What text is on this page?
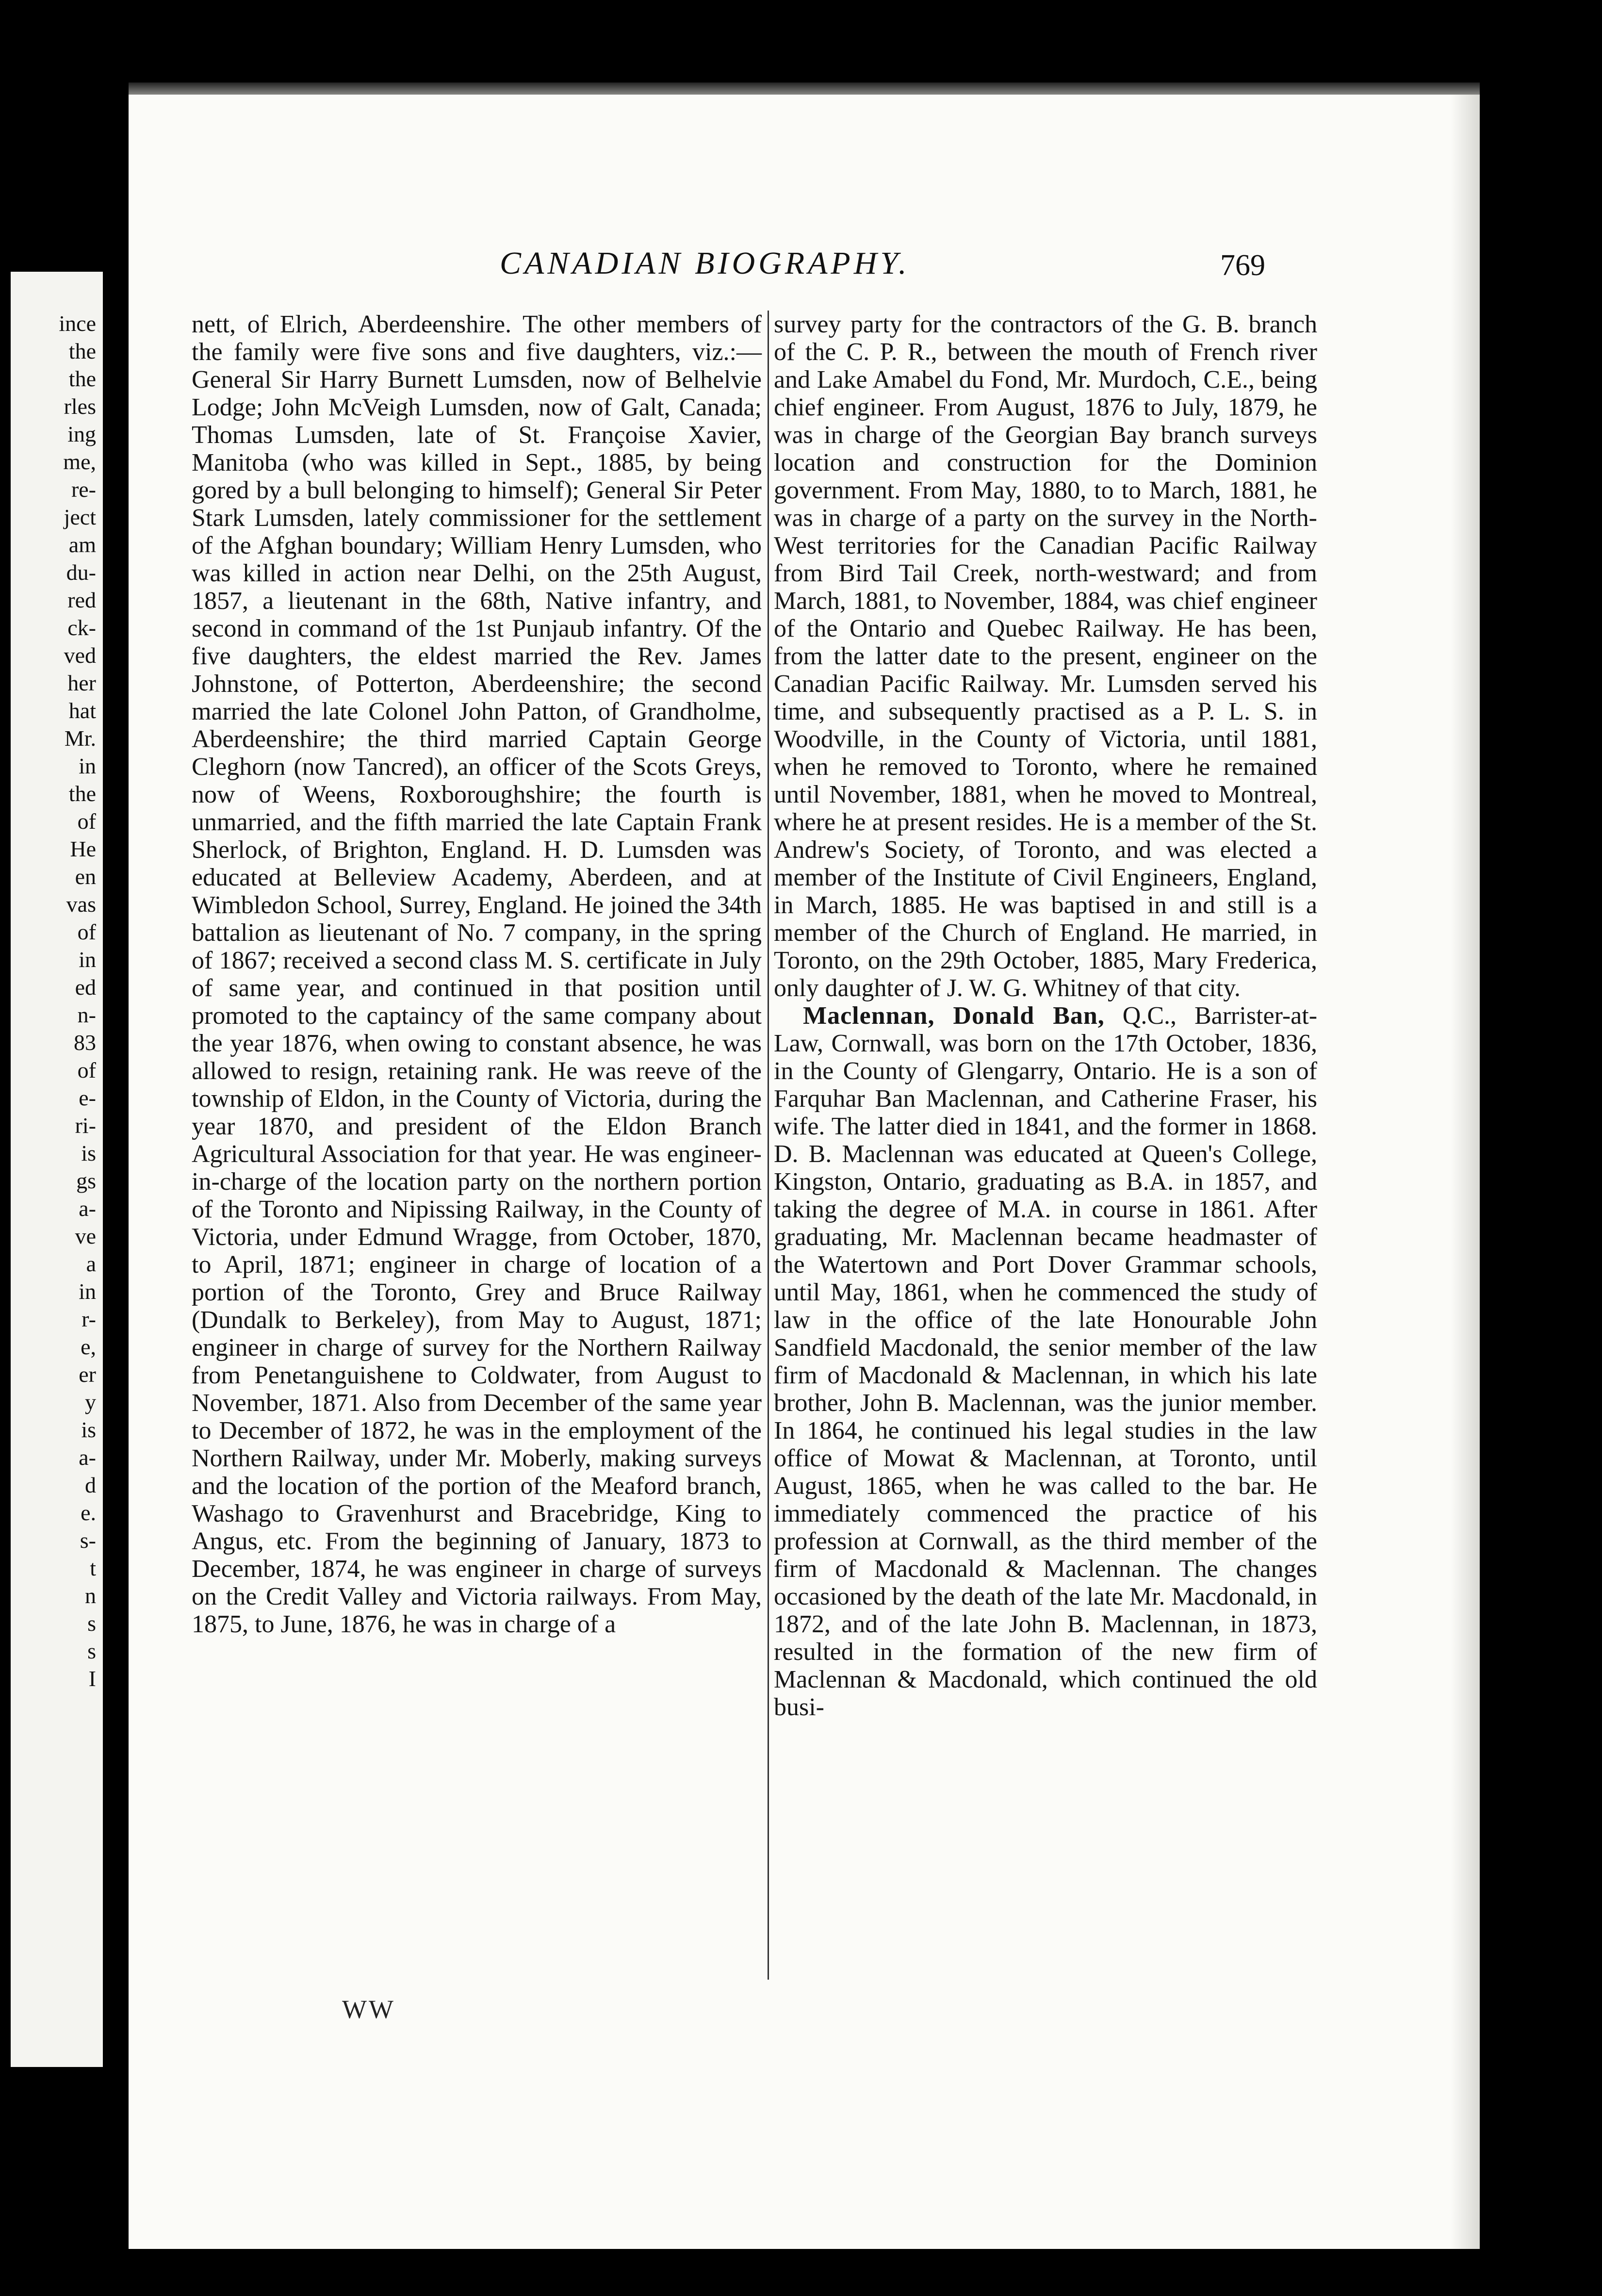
ince
the
the
rles
ing
me,
re-
ject
am
du-
red
ck-
ved
her
hat
Mr.
in
the
of
He
en
vas
of
in
ed
n-
83
of
e-
ri-
is
gs
a-
ve
a
in
r-
e,
er
y
is
a-
d
e.
s-
t
n
s
s
I
CANADIAN BIOGRAPHY.	769

nett, of Elrich, Aberdeenshire. The other members of the family were five sons and five daughters, viz.:—General Sir Harry Burnett Lumsden, now of Belhelvie Lodge; John McVeigh Lumsden, now of Galt, Canada; Thomas Lumsden, late of St. Françoise Xavier, Manitoba (who was killed in Sept., 1885, by being gored by a bull belonging to himself); General Sir Peter Stark Lumsden, lately commissioner for the settlement of the Afghan boundary; William Henry Lumsden, who was killed in action near Delhi, on the 25th August, 1857, a lieutenant in the 68th, Native infantry, and second in command of the 1st Punjaub infantry. Of the five daughters, the eldest married the Rev. James Johnstone, of Potterton, Aberdeenshire; the second married the late Colonel John Patton, of Grandholme, Aberdeenshire; the third married Captain George Cleghorn (now Tancred), an officer of the Scots Greys, now of Weens, Roxboroughshire; the fourth is unmarried, and the fifth married the late Captain Frank Sherlock, of Brighton, England. H. D. Lumsden was educated at Belleview Academy, Aberdeen, and at Wimbledon School, Surrey, England. He joined the 34th battalion as lieutenant of No. 7 company, in the spring of 1867; received a second class M. S. certificate in July of same year, and continued in that position until promoted to the captaincy of the same company about the year 1876, when owing to constant absence, he was allowed to resign, retaining rank. He was reeve of the township of Eldon, in the County of Victoria, during the year 1870, and president of the Eldon Branch Agricultural Association for that year. He was engineer-in-charge of the location party on the northern portion of the Toronto and Nipissing Railway, in the County of Victoria, under Edmund Wragge, from October, 1870, to April, 1871; engineer in charge of location of a portion of the Toronto, Grey and Bruce Railway (Dundalk to Berkeley), from May to August, 1871; engineer in charge of survey for the Northern Railway from Penetanguishene to Coldwater, from August to November, 1871. Also from December of the same year to December of 1872, he was in the employment of the Northern Railway, under Mr. Moberly, making surveys and the location of the portion of the Meaford branch, Washago to Gravenhurst and Bracebridge, King to Angus, etc. From the beginning of January, 1873 to December, 1874, he was engineer in charge of surveys on the Credit Valley and Victoria railways. From May, 1875, to June, 1876, he was in charge of a

survey party for the contractors of the G. B. branch of the C. P. R., between the mouth of French river and Lake Amabel du Fond, Mr. Murdoch, C.E., being chief engineer. From August, 1876 to July, 1879, he was in charge of the Georgian Bay branch surveys location and construction for the Dominion government. From May, 1880, to to March, 1881, he was in charge of a party on the survey in the North-West territories for the Canadian Pacific Railway from Bird Tail Creek, north-westward; and from March, 1881, to November, 1884, was chief engineer of the Ontario and Quebec Railway. He has been, from the latter date to the present, engineer on the Canadian Pacific Railway. Mr. Lumsden served his time, and subsequently practised as a P. L. S. in Woodville, in the County of Victoria, until 1881, when he removed to Toronto, where he remained until November, 1881, when he moved to Montreal, where he at present resides. He is a member of the St. Andrew's Society, of Toronto, and was elected a member of the Institute of Civil Engineers, England, in March, 1885. He was baptised in and still is a member of the Church of England. He married, in Toronto, on the 29th October, 1885, Mary Frederica, only daughter of J. W. G. Whitney of that city.

Maclennan, Donald Ban, Q.C., Barrister-at-Law, Cornwall, was born on the 17th October, 1836, in the County of Glengarry, Ontario. He is a son of Farquhar Ban Maclennan, and Catherine Fraser, his wife. The latter died in 1841, and the former in 1868. D. B. Maclennan was educated at Queen's College, Kingston, Ontario, graduating as B.A. in 1857, and taking the degree of M.A. in course in 1861. After graduating, Mr. Maclennan became headmaster of the Watertown and Port Dover Grammar schools, until May, 1861, when he commenced the study of law in the office of the late Honourable John Sandfield Macdonald, the senior member of the law firm of Macdonald & Maclennan, in which his late brother, John B. Maclennan, was the junior member. In 1864, he continued his legal studies in the law office of Mowat & Maclennan, at Toronto, until August, 1865, when he was called to the bar. He immediately commenced the practice of his profession at Cornwall, as the third member of the firm of Macdonald & Maclennan. The changes occasioned by the death of the late Mr. Macdonald, in 1872, and of the late John B. Maclennan, in 1873, resulted in the formation of the new firm of Maclennan & Macdonald, which continued the old busi-

WW
